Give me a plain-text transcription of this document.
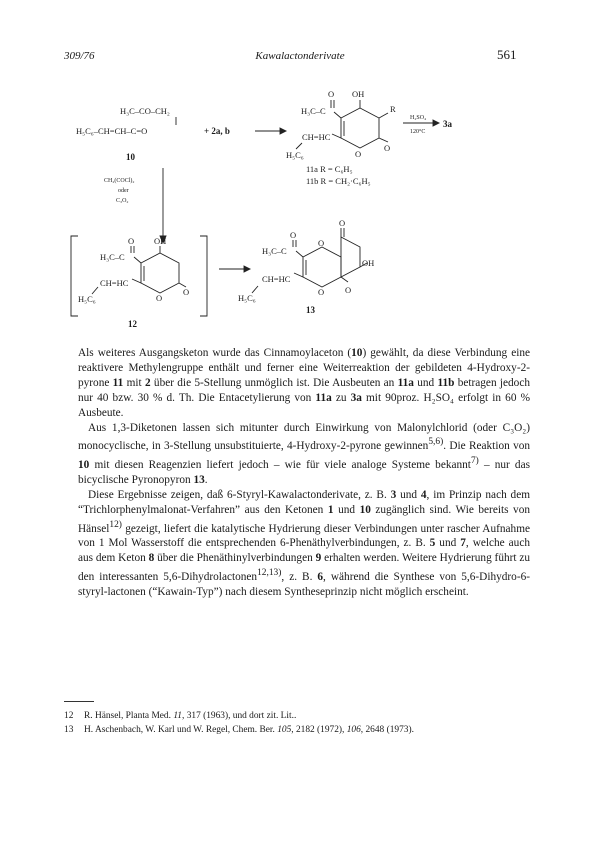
309/76	Kawalactonderivate	561
H₃C–CO–CH₂
H₅C₆–CH=CH–C=O	+ 2a, b
10
CH₂(COCl)₂
oder
C₃O₂
O OH
R
H₃C–C
CH=HC
O
O
H₅C₆
11a R = C₆H₅
11b R = CH₂·C₆H₅
H₂SO₄
120°C
3a
O OH
H₃C–C
CH=HC
O
O
H₅C₆
12
O
O
O
OH
H₃C–C
CH=HC
O O
H₅C₆
13

Als weiteres Ausgangsketon wurde das Cinnamoylaceton (10) gewählt, da diese Verbindung eine reaktivere Methylengruppe enthält und ferner eine Weiterreaktion der gebildeten 4-Hydroxy-2-pyrone 11 mit 2 über die 5-Stellung unmöglich ist. Die Ausbeuten an 11a und 11b betragen jedoch nur 40 bzw. 30 % d. Th. Die Entacetylierung von 11a zu 3a mit 90proz. H₂SO₄ erfolgt in 60 % Ausbeute.

Aus 1,3-Diketonen lassen sich mitunter durch Einwirkung von Malonylchlorid (oder C₃O₂) monocyclische, in 3-Stellung unsubstituierte, 4-Hydroxy-2-pyrone gewinnen$^{5,6)}$. Die Reaktion von 10 mit diesen Reagenzien liefert jedoch – wie für viele analoge Systeme bekannt$^{7)}$ – nur das bicyclische Pyronopyron 13.

Diese Ergebnisse zeigen, daß 6-Styryl-Kawalactonderivate, z. B. 3 und 4, im Prinzip nach dem “Trichlorphenylmalonat-Verfahren” aus den Ketonen 1 und 10 zugänglich sind. Wie bereits von Hänsel$^{12)}$ gezeigt, liefert die katalytische Hydrierung dieser Verbindungen unter rascher Aufnahme von 1 Mol Wasserstoff die entsprechenden 6-Phenäthylverbindungen, z. B. 5 und 7, welche auch aus dem Keton 8 über die Phenäthinylverbindungen 9 erhalten werden. Weitere Hydrierung führt zu den interessanten 5,6-Dihydrolactonen$^{12,13)}$, z. B. 6, während die Synthese von 5,6-Dihydro-6-styryl-lactonen (“Kawain-Typ”) nach diesem Syntheseprinzip nicht möglich erscheint.

12 R. Hänsel, Planta Med. 11, 317 (1963), und dort zit. Lit..
13 H. Aschenbach, W. Karl und W. Regel, Chem. Ber. 105, 2182 (1972), 106, 2648 (1973).
